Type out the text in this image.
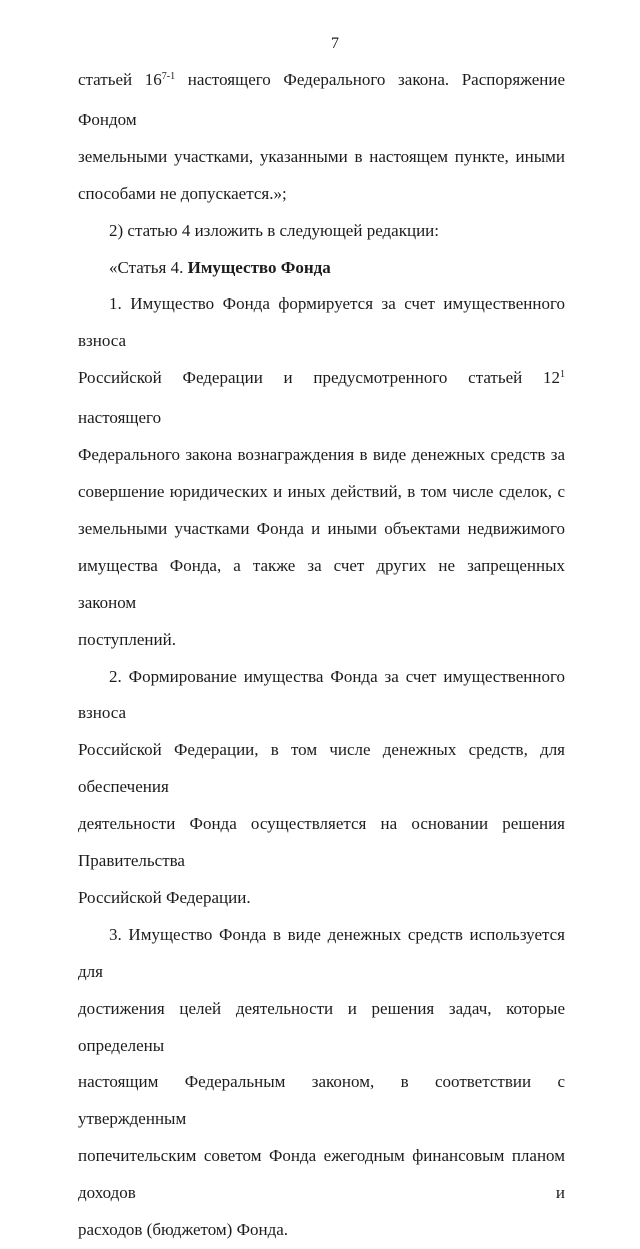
7

статьей 16$^{7-1}$ настоящего Федерального закона. Распоряжение Фондом
земельными участками, указанными в настоящем пункте, иными
способами не допускается.»;

2) статью 4 изложить в следующей редакции:

«Статья 4. Имущество Фонда

1. Имущество Фонда формируется за счет имущественного взноса
Российской Федерации и предусмотренного статьей $12^1$ настоящего
Федерального закона вознаграждения в виде денежных средств за
совершение юридических и иных действий, в том числе сделок, с
земельными участками Фонда и иными объектами недвижимого
имущества Фонда, а также за счет других не запрещенных законом
поступлений.

2. Формирование имущества Фонда за счет имущественного взноса
Российской Федерации, в том числе денежных средств, для обеспечения
деятельности Фонда осуществляется на основании решения Правительства
Российской Федерации.

3. Имущество Фонда в виде денежных средств используется для
достижения целей деятельности и решения задач, которые определены
настоящим Федеральным законом, в соответствии с утвержденным
попечительским советом Фонда ежегодным финансовым планом доходов и
расходов (бюджетом) Фонда.
